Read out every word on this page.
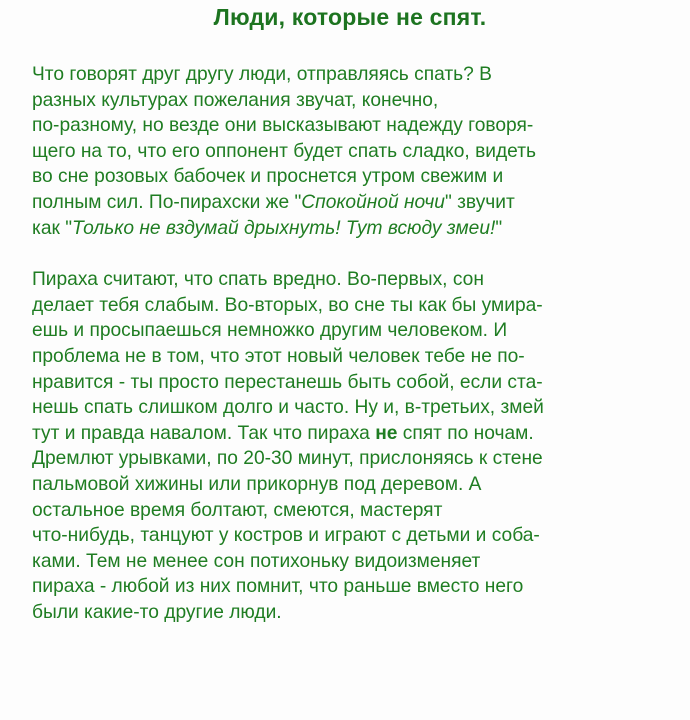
Люди, которые не спят.

Что говорят друг другу люди, отправляясь спать? В
разных культурах пожелания звучат, конечно,
по-разному, но везде они высказывают надежду говоря-
щего на то, что его оппонент будет спать сладко, видеть
во сне розовых бабочек и проснется утром свежим и
полным сил. По-пирахски же "Спокойной ночи" звучит
как "Только не вздумай дрыхнуть! Тут всюду змеи!"

Пираха считают, что спать вредно. Во-первых, сон
делает тебя слабым. Во-вторых, во сне ты как бы умира-
ешь и просыпаешься немножко другим человеком. И
проблема не в том, что этот новый человек тебе не по-
нравится - ты просто перестанешь быть собой, если ста-
нешь спать слишком долго и часто. Ну и, в-третьих, змей
тут и правда навалом. Так что пираха не спят по ночам.
Дремлют урывками, по 20-30 минут, прислоняясь к стене
пальмовой хижины или прикорнув под деревом. А
остальное время болтают, смеются, мастерят
что-нибудь, танцуют у костров и играют с детьми и соба-
ками. Тем не менее сон потихоньку видоизменяет
пираха - любой из них помнит, что раньше вместо него
были какие-то другие люди.
